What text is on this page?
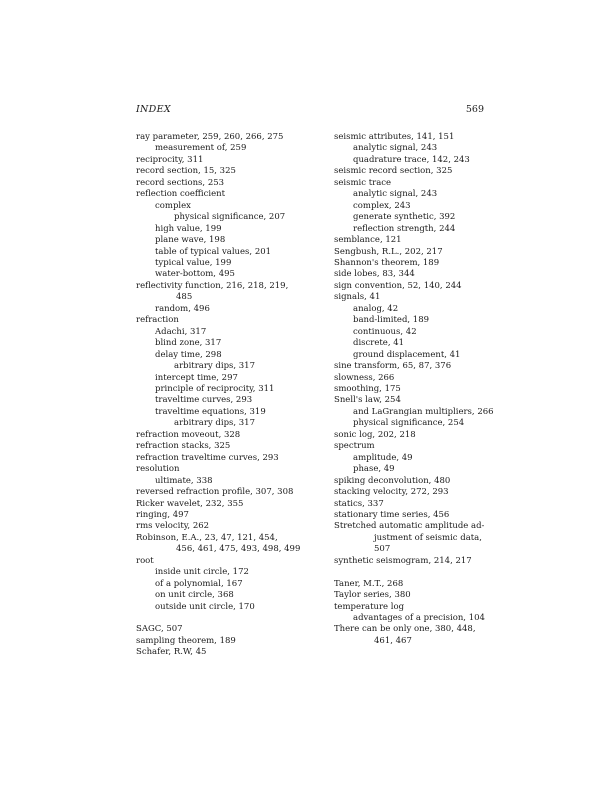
INDEX	569
ray parameter, 259, 260, 266, 275
measurement of, 259
reciprocity, 311
record section, 15, 325
record sections, 253
reflection coefficient
complex
physical significance, 207
high value, 199
plane wave, 198
table of typical values, 201
typical value, 199
water-bottom, 495
reflectivity function, 216, 218, 219,
485
random, 496
refraction
Adachi, 317
blind zone, 317
delay time, 298
arbitrary dips, 317
intercept time, 297
principle of reciprocity, 311
traveltime curves, 293
traveltime equations, 319
arbitrary dips, 317
refraction moveout, 328
refraction stacks, 325
refraction traveltime curves, 293
resolution
ultimate, 338
reversed refraction profile, 307, 308
Ricker wavelet, 232, 355
ringing, 497
rms velocity, 262
Robinson, E.A., 23, 47, 121, 454,
456, 461, 475, 493, 498, 499
root
inside unit circle, 172
of a polynomial, 167
on unit circle, 368
outside unit circle, 170
SAGC, 507
sampling theorem, 189
Schafer, R.W, 45
seismic attributes, 141, 151
analytic signal, 243
quadrature trace, 142, 243
seismic record section, 325
seismic trace
analytic signal, 243
complex, 243
generate synthetic, 392
reflection strength, 244
semblance, 121
Sengbush, R.L., 202, 217
Shannon's theorem, 189
side lobes, 83, 344
sign convention, 52, 140, 244
signals, 41
analog, 42
band-limited, 189
continuous, 42
discrete, 41
ground displacement, 41
sine transform, 65, 87, 376
slowness, 266
smoothing, 175
Snell's law, 254
and LaGrangian multipliers, 266
physical significance, 254
sonic log, 202, 218
spectrum
amplitude, 49
phase, 49
spiking deconvolution, 480
stacking velocity, 272, 293
statics, 337
stationary time series, 456
Stretched automatic amplitude ad-
justment of seismic data,
507
synthetic seismogram, 214, 217
Taner, M.T., 268
Taylor series, 380
temperature log
advantages of a precision, 104
There can be only one, 380, 448,
461, 467
